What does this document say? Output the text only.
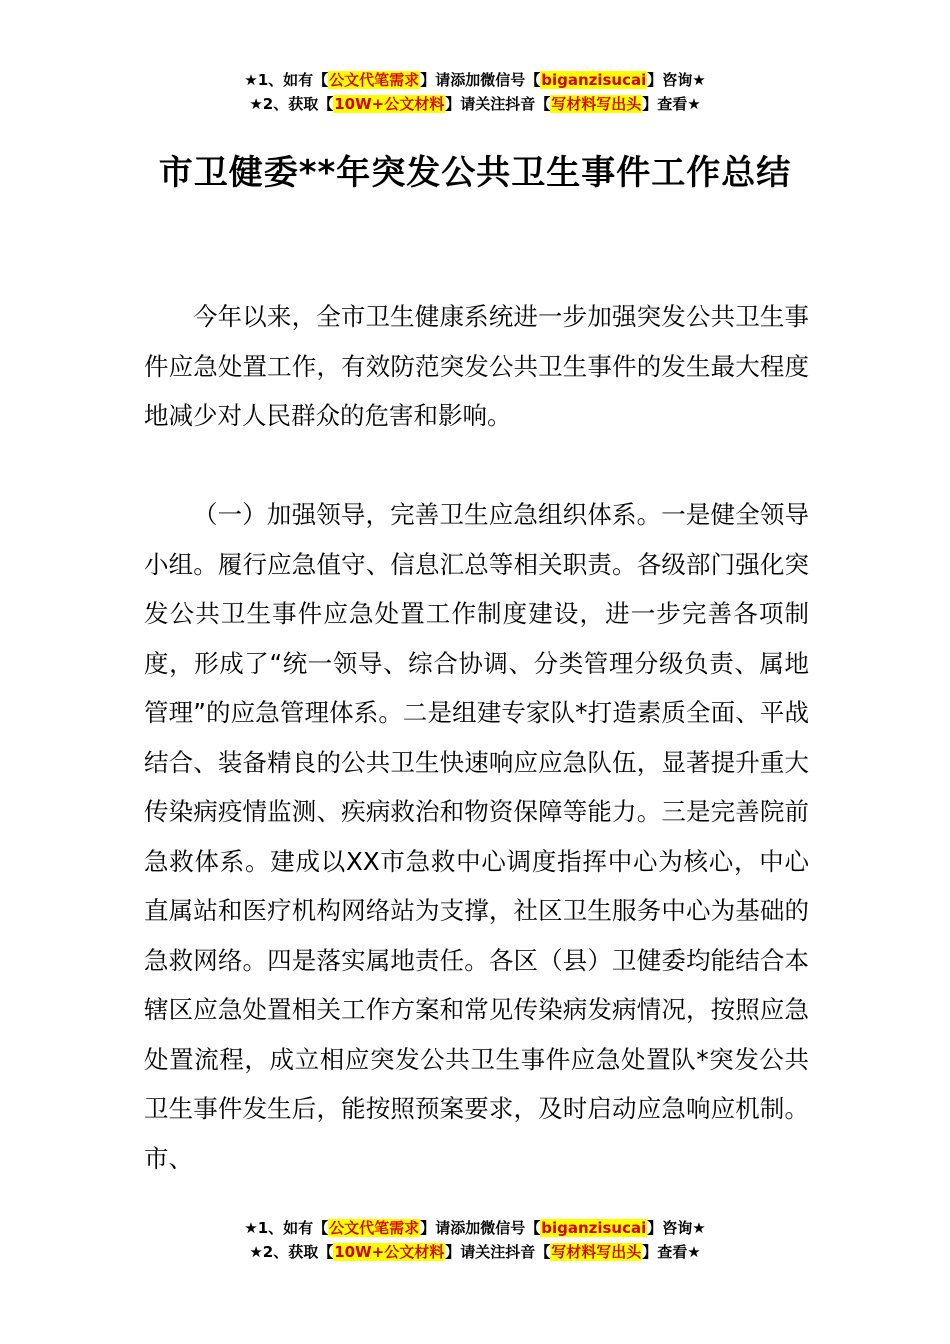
★1、如有【公文代笔需求】请添加微信号【biganzisucai】咨询★
★2、获取【10W+公文材料】请关注抖音【写材料写出头】查看★
市卫健委**年突发公共卫生事件工作总结

今年以来，全市卫生健康系统进一步加强突发公共卫生事件应急处置工作，有效防范突发公共卫生事件的发生最大程度地减少对人民群众的危害和影响。

（一）加强领导，完善卫生应急组织体系。一是健全领导小组。履行应急值守、信息汇总等相关职责。各级部门强化突发公共卫生事件应急处置工作制度建设，进一步完善各项制度，形成了“统一领导、综合协调、分类管理分级负责、属地管理”的应急管理体系。二是组建专家队*打造素质全面、平战结合、装备精良的公共卫生快速响应应急队伍，显著提升重大传染病疫情监测、疾病救治和物资保障等能力。三是完善院前急救体系。建成以XX市急救中心调度指挥中心为核心，中心直属站和医疗机构网络站为支撑，社区卫生服务中心为基础的急救网络。四是落实属地责任。各区（县）卫健委均能结合本辖区应急处置相关工作方案和常见传染病发病情况，按照应急处置流程，成立相应突发公共卫生事件应急处置队*突发公共卫生事件发生后，能按照预案要求，及时启动应急响应机制。市、

★1、如有【公文代笔需求】请添加微信号【biganzisucai】咨询★
★2、获取【10W+公文材料】请关注抖音【写材料写出头】查看★
